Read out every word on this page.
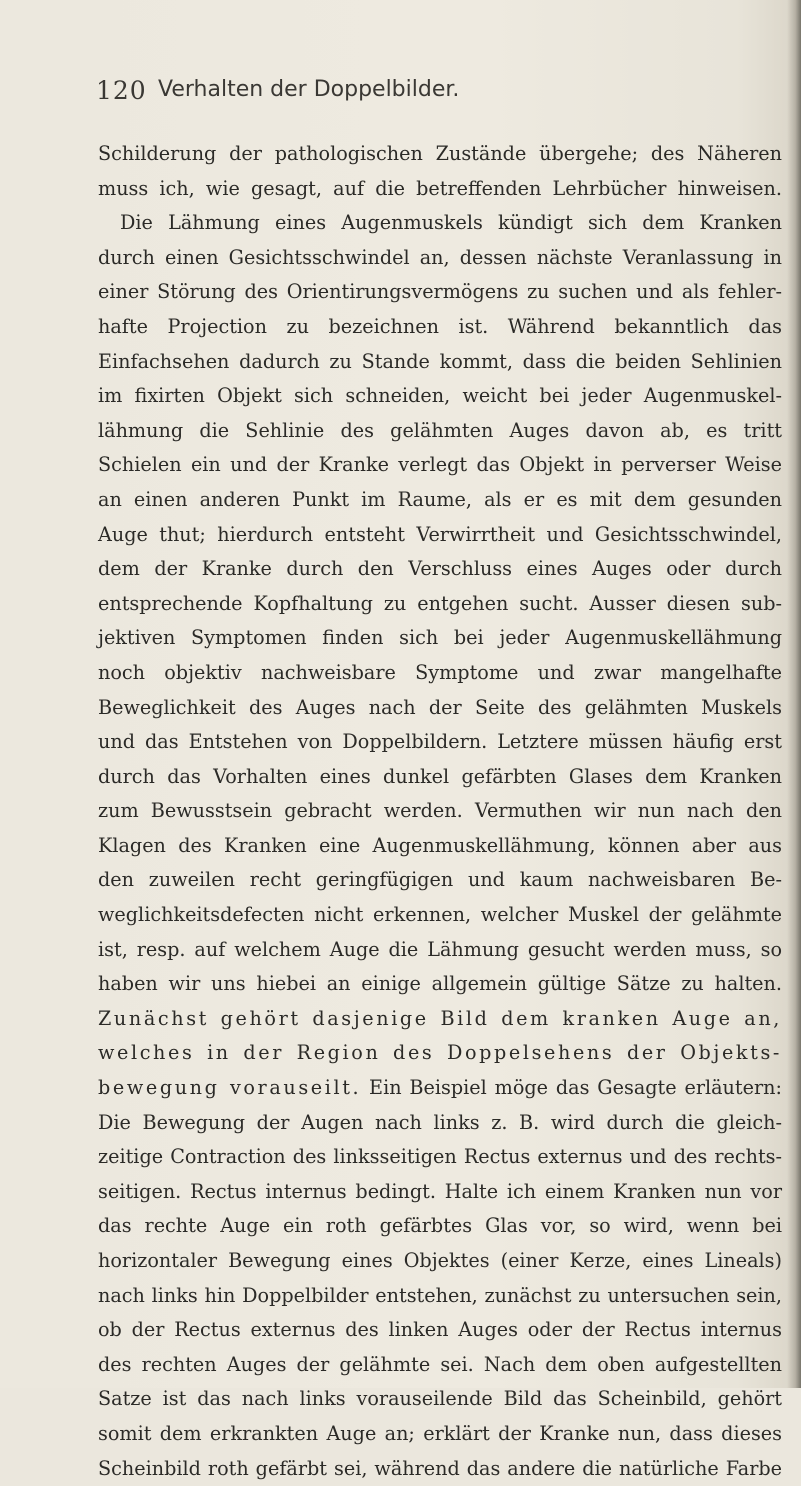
120 Verhalten der Doppelbilder.
Schilderung der pathologischen Zustände übergehe; des Näheren
muss ich, wie gesagt, auf die betreffenden Lehrbücher hinweisen.
Die Lähmung eines Augenmuskels kündigt sich dem Kranken
durch einen Gesichtsschwindel an, dessen nächste Veranlassung in
einer Störung des Orientirungsvermögens zu suchen und als fehler-
hafte Projection zu bezeichnen ist. Während bekanntlich das
Einfachsehen dadurch zu Stande kommt, dass die beiden Sehlinien
im fixirten Objekt sich schneiden, weicht bei jeder Augenmuskel-
lähmung die Sehlinie des gelähmten Auges davon ab, es tritt
Schielen ein und der Kranke verlegt das Objekt in perverser Weise
an einen anderen Punkt im Raume, als er es mit dem gesunden
Auge thut; hierdurch entsteht Verwirrtheit und Gesichtsschwindel,
dem der Kranke durch den Verschluss eines Auges oder durch
entsprechende Kopfhaltung zu entgehen sucht. Ausser diesen sub-
jektiven Symptomen finden sich bei jeder Augenmuskellähmung
noch objektiv nachweisbare Symptome und zwar mangelhafte
Beweglichkeit des Auges nach der Seite des gelähmten Muskels
und das Entstehen von Doppelbildern. Letztere müssen häufig erst
durch das Vorhalten eines dunkel gefärbten Glases dem Kranken
zum Bewusstsein gebracht werden. Vermuthen wir nun nach den
Klagen des Kranken eine Augenmuskellähmung, können aber aus
den zuweilen recht geringfügigen und kaum nachweisbaren Be-
weglichkeitsdefecten nicht erkennen, welcher Muskel der gelähmte
ist, resp. auf welchem Auge die Lähmung gesucht werden muss, so
haben wir uns hiebei an einige allgemein gültige Sätze zu halten.
Zunächst gehört dasjenige Bild dem kranken Auge an,
welches in der Region des Doppelsehens der Objekts-
bewegung vorauseilt. Ein Beispiel möge das Gesagte erläutern:
Die Bewegung der Augen nach links z. B. wird durch die gleich-
zeitige Contraction des linksseitigen Rectus externus und des rechts-
seitigen. Rectus internus bedingt. Halte ich einem Kranken nun vor
das rechte Auge ein roth gefärbtes Glas vor, so wird, wenn bei
horizontaler Bewegung eines Objektes (einer Kerze, eines Lineals)
nach links hin Doppelbilder entstehen, zunächst zu untersuchen sein,
ob der Rectus externus des linken Auges oder der Rectus internus
des rechten Auges der gelähmte sei. Nach dem oben aufgestellten
Satze ist das nach links vorauseilende Bild das Scheinbild, gehört
somit dem erkrankten Auge an; erklärt der Kranke nun, dass dieses
Scheinbild roth gefärbt sei, während das andere die natürliche Farbe
